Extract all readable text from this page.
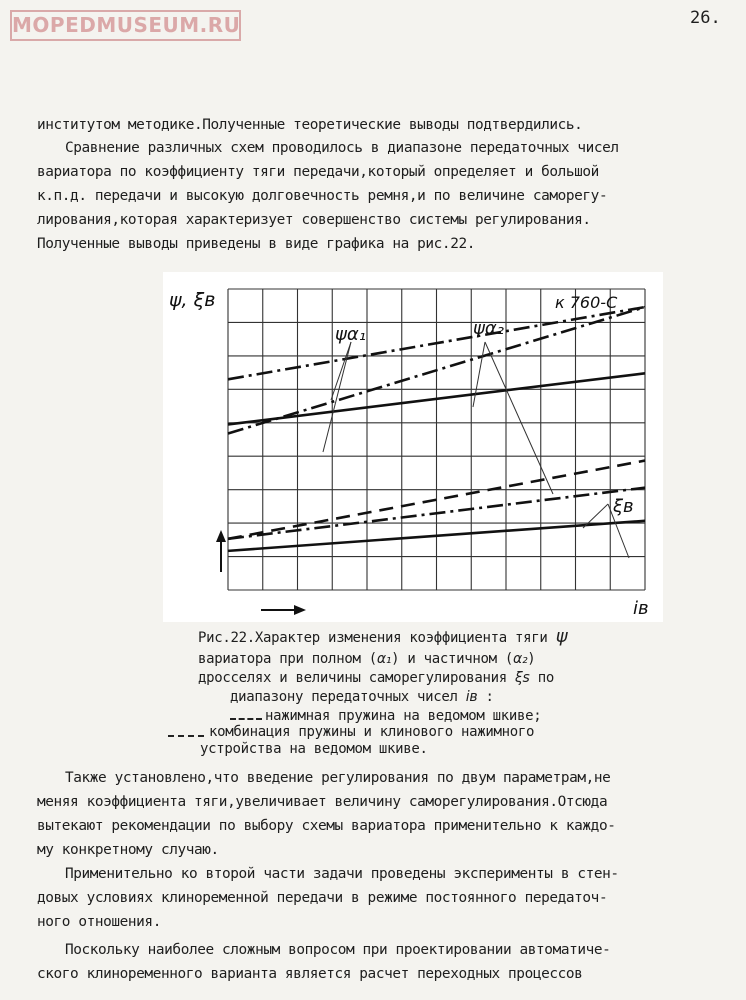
MOPEDMUSEUM.RU	26.
институтом методике.Полученные теоретические выводы подтвердились.
Сравнение различных схем проводилось в диапазоне передаточных чисел
вариатора по коэффициенту тяги передачи,который определяет и большой
к.п.д. передачи и высокую долговечность ремня,и по величине саморегу-
лирования,которая характеризует совершенство системы регулирования.
Полученные выводы приведены в виде графика на рис.22.
ψ, ξв
iв
к 760-С
ψα₁	ψα₂
ξв
Рис.22.Характер изменения коэффициента тяги ψ
вариатора при полном (α₁) и частичном (α₂)
дросселях и величины саморегулирования ξs по
диапазону передаточных чисел iв :
нажимная пружина на ведомом шкиве;
комбинация пружины и клинового нажимного
устройства на ведомом шкиве.
Также установлено,что введение регулирования по двум параметрам,не
меняя коэффициента тяги,увеличивает величину саморегулирования.Отсюда
вытекают рекомендации по выбору схемы вариатора применительно к каждо-
му конкретному случаю.
Применительно ко второй части задачи проведены эксперименты в стен-
довых условиях клиноременной передачи в режиме постоянного передаточ-
ного отношения.
Поскольку наиболее сложным вопросом при проектировании автоматиче-
ского клиноременного варианта является расчет переходных процессов
